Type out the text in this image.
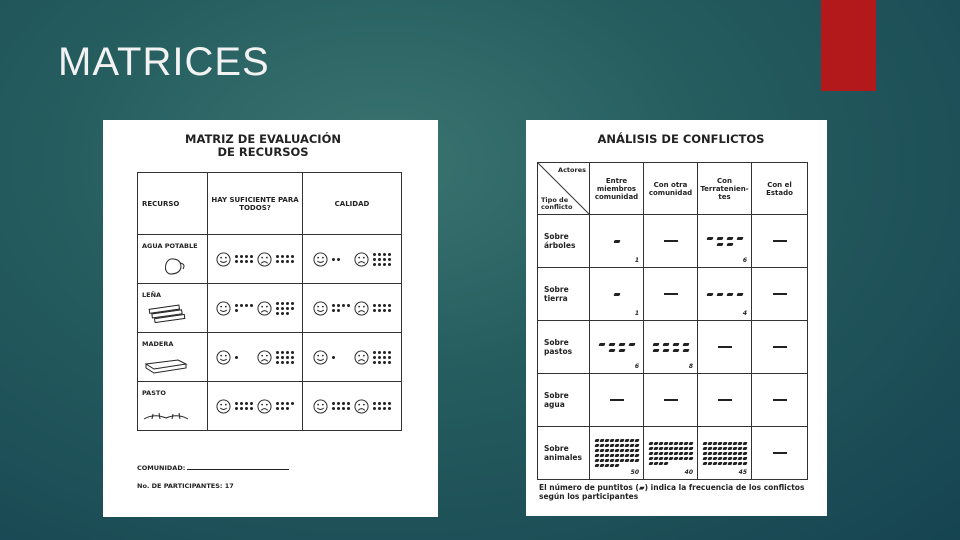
MATRICES
MATRIZ DE EVALUACIÓN
DE RECURSOS
RECURSO	HAY SUFICIENTE PARA TODOS?	CALIDAD

AGUA POTABLE

LEÑA

MADERA

PASTO

COMUNIDAD:
No. DE PARTICIPANTES: 17
ANÁLISIS DE CONFLICTOS
Actores
Tipo de conflicto	Entre miembros comunidad	Con otra comunidad	Con Terratenien-tes	Con el Estado
Sobre árboles	1		6	

Sobre tierra	1		4	

Sobre pastos	6	8		

Sobre agua	

Sobre animales	50	40	45	

El número de puntitos (▰) indica la frecuencia de los conflictos según los participantes
